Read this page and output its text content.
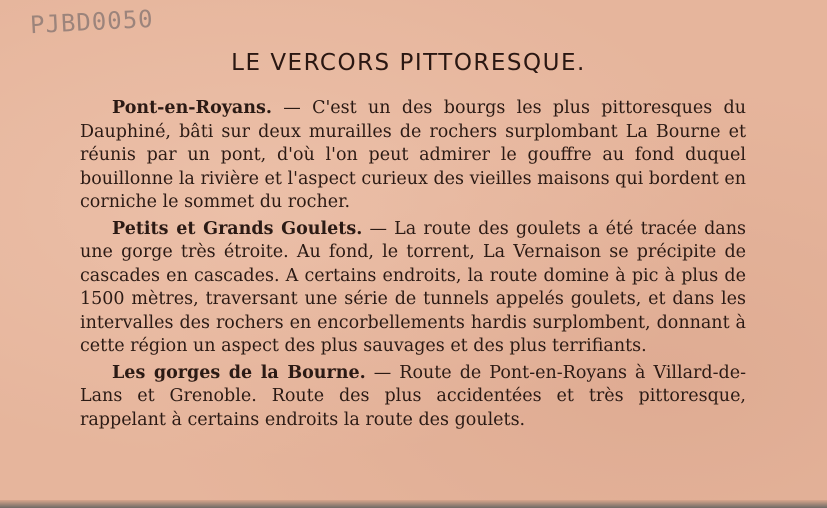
PJBD0050
LE VERCORS PITTORESQUE.

Pont-en-Royans. — C'est un des bourgs les plus pittoresques du Dauphiné, bâti sur deux murailles de rochers surplombant La Bourne et réunis par un pont, d'où l'on peut admirer le gouffre au fond duquel bouillonne la rivière et l'aspect curieux des vieilles maisons qui bordent en corniche le sommet du rocher.

Petits et Grands Goulets. — La route des goulets a été tracée dans une gorge très étroite. Au fond, le torrent, La Vernaison se précipite de cascades en cascades. A certains endroits, la route domine à pic à plus de 1500 mètres, traversant une série de tunnels appelés goulets, et dans les intervalles des rochers en encorbellements hardis surplombent, donnant à cette région un aspect des plus sauvages et des plus terrifiants.

Les gorges de la Bourne. — Route de Pont-en-Royans à Villard-de-Lans et Grenoble. Route des plus accidentées et très pittoresque, rappelant à certains endroits la route des goulets.
